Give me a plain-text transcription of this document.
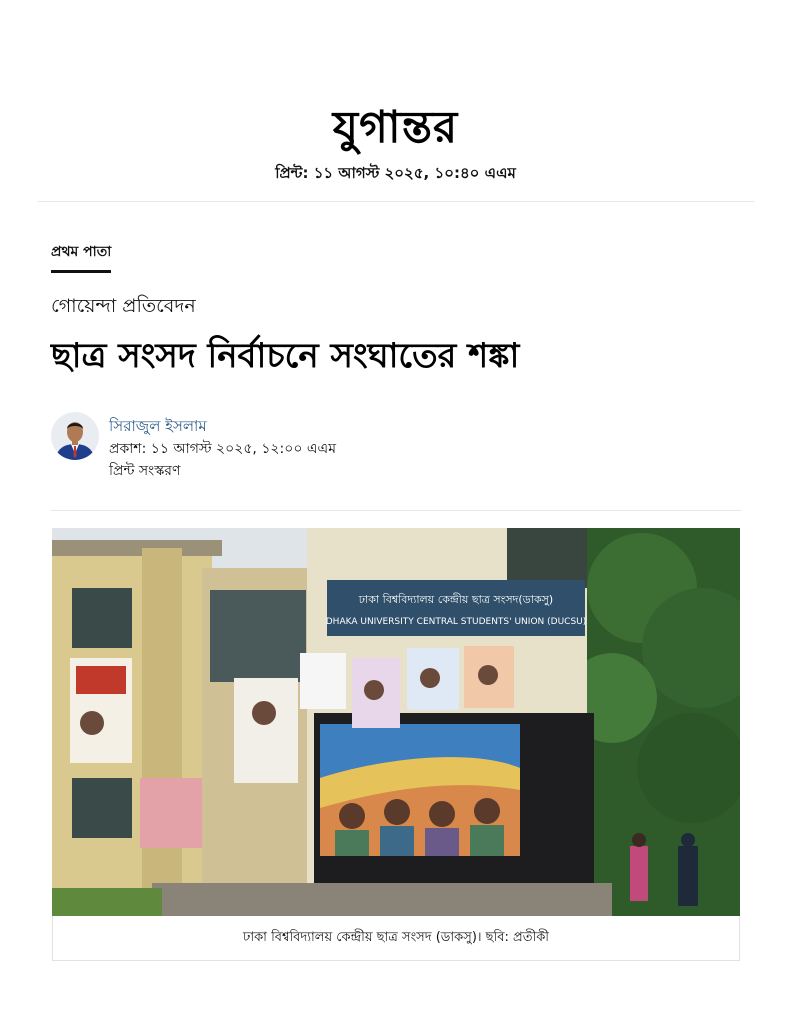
যুগান্তর
প্রিন্ট: ১১ আগস্ট ২০২৫, ১০:৪০ এএম
প্রথম পাতা
গোয়েন্দা প্রতিবেদন
ছাত্র সংসদ নির্বাচনে সংঘাতের শঙ্কা
সিরাজুল ইসলাম
প্রকাশ: ১১ আগস্ট ২০২৫, ১২:০০ এএম
প্রিন্ট সংস্করণ
ঢাকা বিশ্ববিদ্যালয় কেন্দ্রীয় ছাত্র সংসদ(ডাকসু)
DHAKA UNIVERSITY CENTRAL STUDENTS' UNION (DUCSU)
ঢাকা বিশ্ববিদ্যালয় কেন্দ্রীয় ছাত্র সংসদ (ডাকসু)। ছবি: প্রতীকী
